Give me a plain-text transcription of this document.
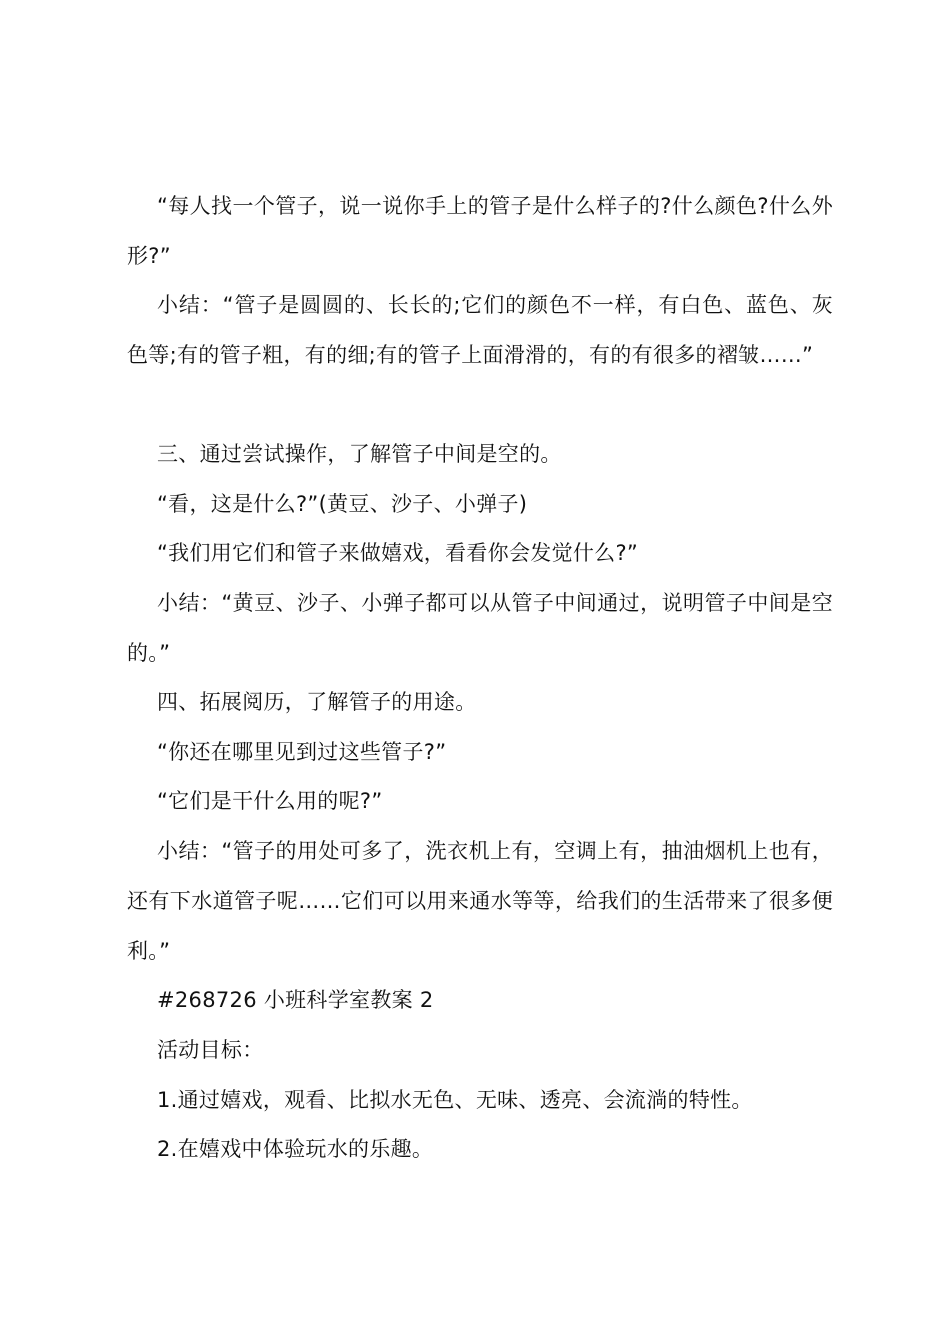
“每人找一个管子，说一说你手上的管子是什么样子的?什么颜色?什么外形?”

小结：“管子是圆圆的、长长的;它们的颜色不一样，有白色、蓝色、灰色等;有的管子粗，有的细;有的管子上面滑滑的，有的有很多的褶皱……”

三、通过尝试操作，了解管子中间是空的。

“看，这是什么?”(黄豆、沙子、小弹子)

“我们用它们和管子来做嬉戏，看看你会发觉什么?”

小结：“黄豆、沙子、小弹子都可以从管子中间通过，说明管子中间是空的。”

四、拓展阅历，了解管子的用途。

“你还在哪里见到过这些管子?”

“它们是干什么用的呢?”

小结：“管子的用处可多了，洗衣机上有，空调上有，抽油烟机上也有，还有下水道管子呢……它们可以用来通水等等，给我们的生活带来了很多便利。”

#268726 小班科学室教案 2

活动目标：

1.通过嬉戏，观看、比拟水无色、无味、透亮、会流淌的特性。

2.在嬉戏中体验玩水的乐趣。
